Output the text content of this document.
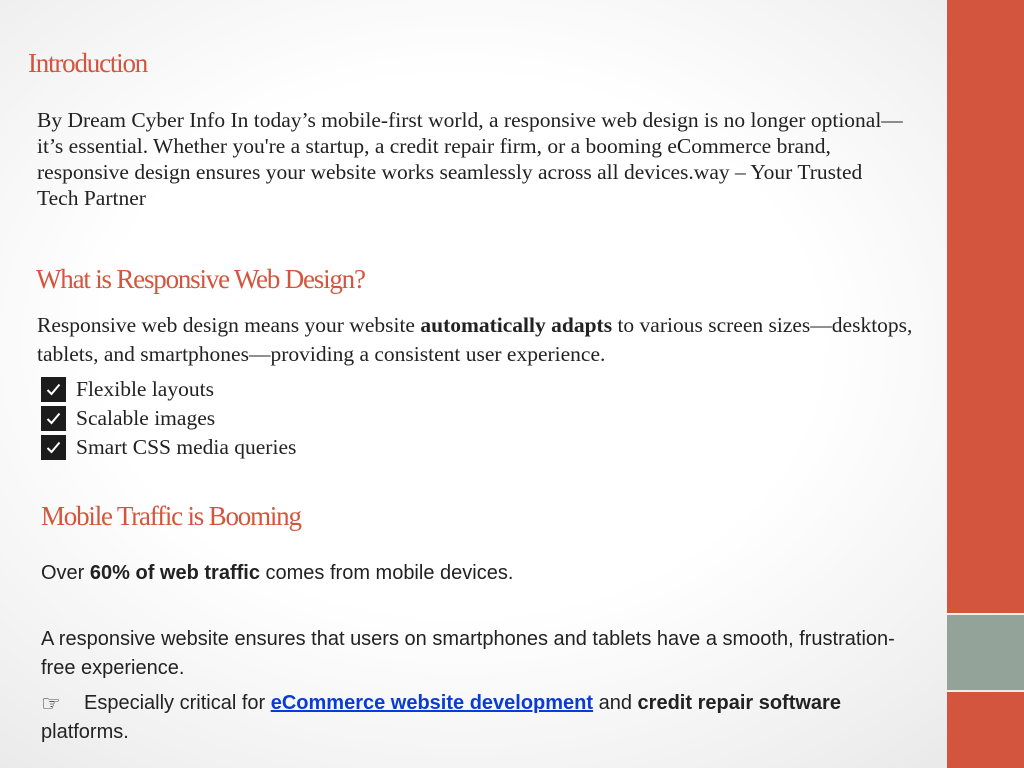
Introduction
By Dream Cyber Info In today’s mobile-first world, a responsive web design is no longer optional—it’s essential. Whether you're a startup, a credit repair firm, or a booming eCommerce brand, responsive design ensures your website works seamlessly across all devices.way – Your Trusted Tech Partner
What is Responsive Web Design?
Responsive web design means your website automatically adapts to various screen sizes—desktops, tablets, and smartphones—providing a consistent user experience.
Flexible layouts
Scalable images
Smart CSS media queries
Mobile Traffic is Booming
Over 60% of web traffic comes from mobile devices.
A responsive website ensures that users on smartphones and tablets have a smooth, frustration-free experience.
☞ Especially critical for eCommerce website development and credit repair software platforms.
